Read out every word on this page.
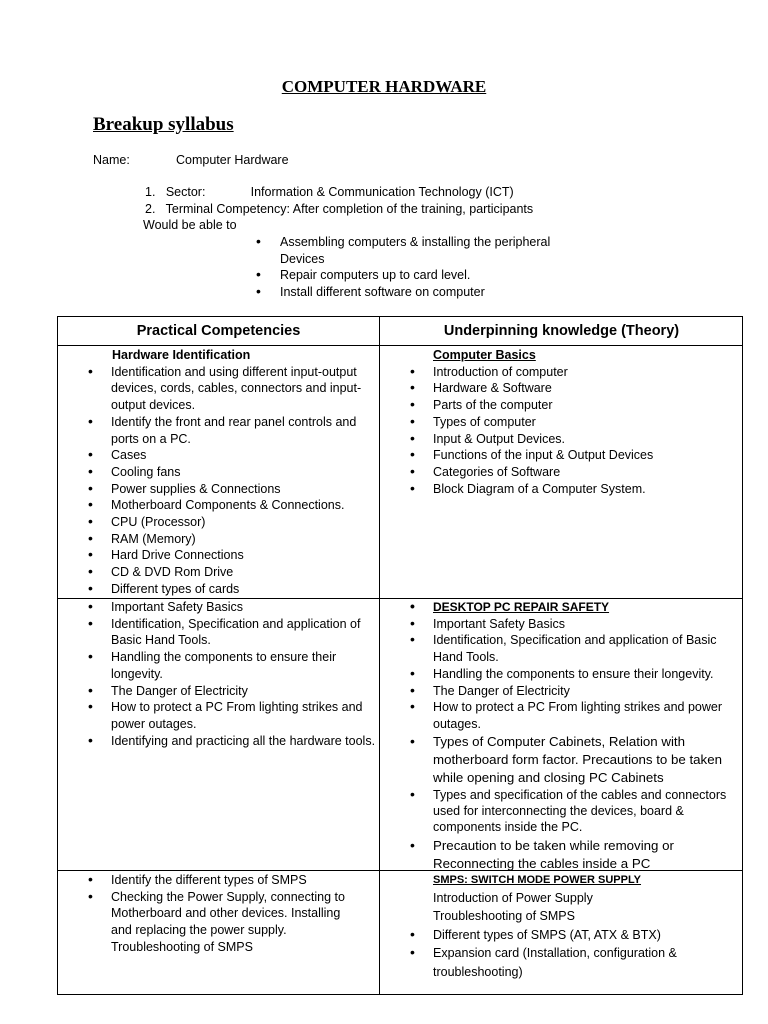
COMPUTER HARDWARE
Breakup syllabus
Name:	Computer Hardware
1.   Sector:             Information & Communication Technology (ICT)
2.   Terminal Competency: After completion of the training, participants
Would be able to
• Assembling computers & installing the peripheral Devices
• Repair computers up to card level.
• Install different software on computer
Practical Competencies	Underpinning knowledge (Theory)
Hardware Identification
• Identification and using different input-output devices, cords, cables, connectors and input-output devices.
• Identify the front and rear panel controls and ports on a PC.
• Cases
• Cooling fans
• Power supplies & Connections
• Motherboard Components & Connections.
• CPU (Processor)
• RAM (Memory)
• Hard Drive Connections
• CD & DVD Rom Drive
• Different types of cards
Computer Basics
• Introduction of computer
• Hardware & Software
• Parts of the computer
• Types of computer
• Input & Output Devices.
• Functions of the input & Output Devices
• Categories of Software
• Block Diagram of a Computer System.
• Important Safety Basics
• Identification, Specification and application of Basic Hand Tools.
• Handling the components to ensure their longevity.
• The Danger of Electricity
• How to protect a PC From lighting strikes and power outages.
• Identifying and practicing all the hardware tools.
• DESKTOP PC REPAIR SAFETY
• Important Safety Basics
• Identification, Specification and application of Basic Hand Tools.
• Handling the components to ensure their longevity.
• The Danger of Electricity
• How to protect a PC From lighting strikes and power outages.
• Types of Computer Cabinets, Relation with motherboard form factor. Precautions to be taken while opening and closing PC Cabinets
• Types and specification of the cables and connectors used for interconnecting the devices, board & components inside the PC.
• Precaution to be taken while removing or Reconnecting the cables inside a PC
• Identify the different types of SMPS
• Checking the Power Supply, connecting to Motherboard and other devices. Installing and replacing the power supply. Troubleshooting of SMPS
SMPS: SWITCH MODE POWER SUPPLY
Introduction of Power Supply
Troubleshooting of SMPS
• Different types of SMPS (AT, ATX & BTX)
• Expansion card (Installation, configuration & troubleshooting)
